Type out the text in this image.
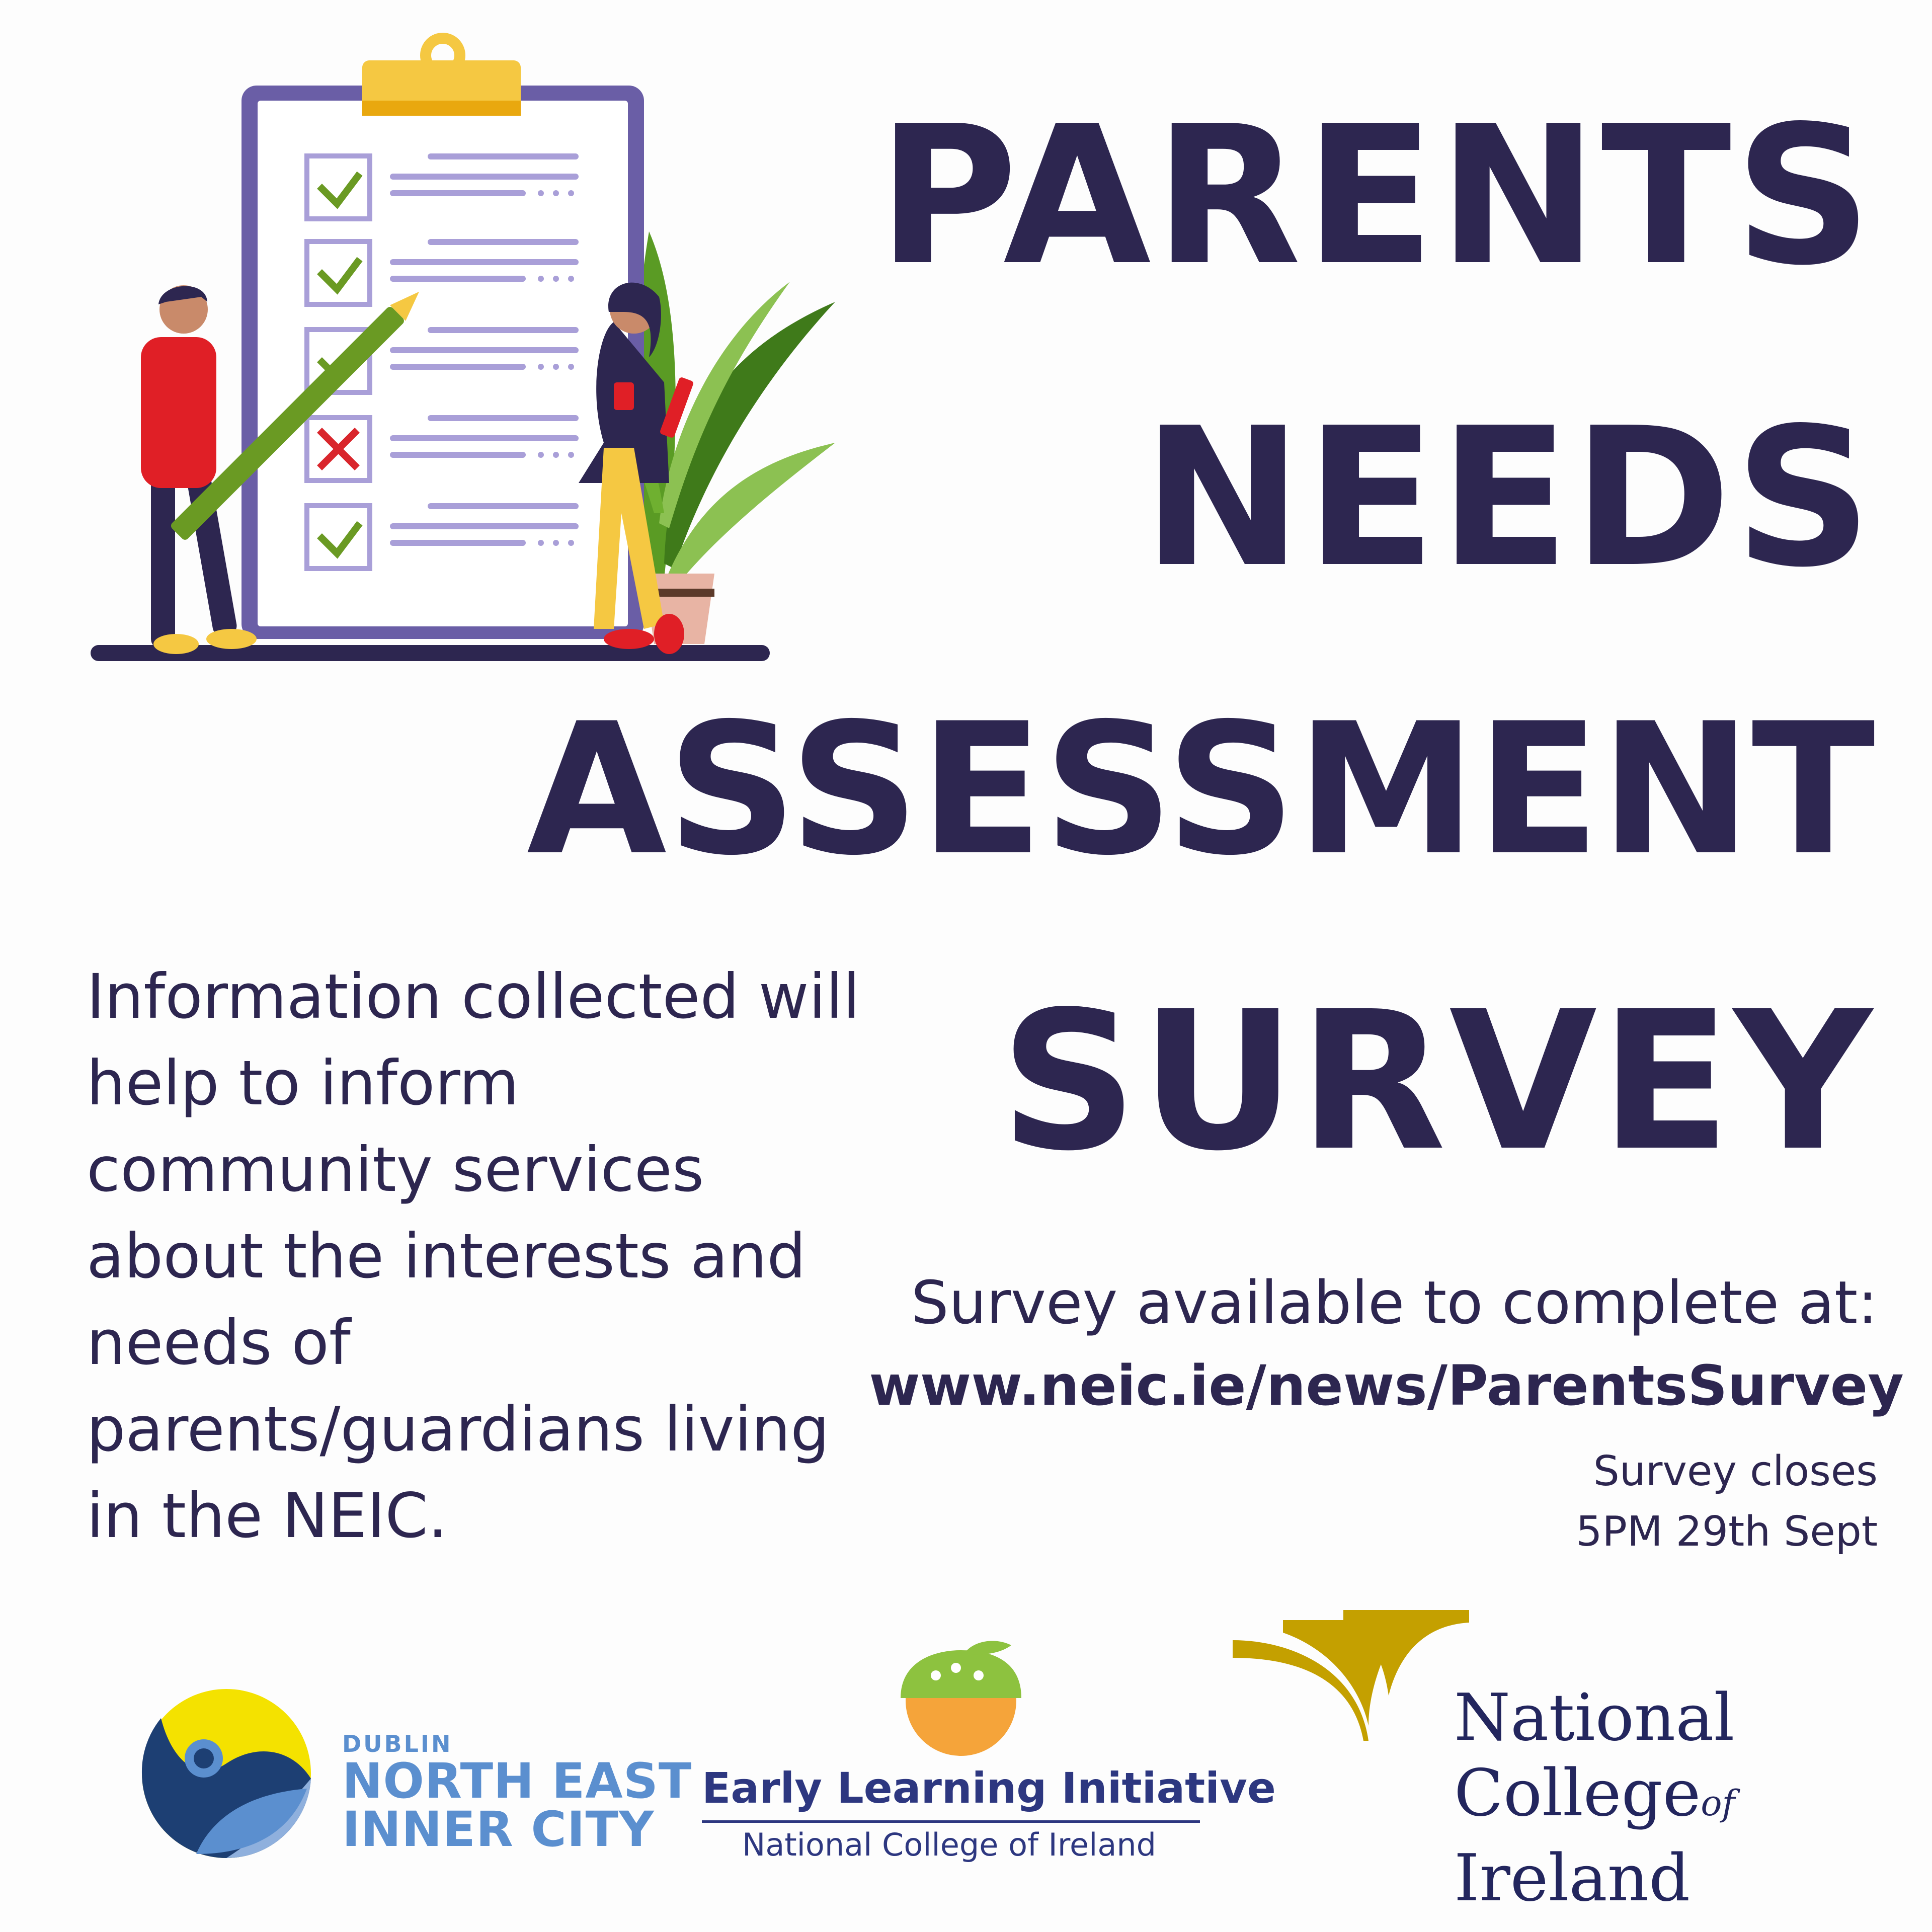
PARENTS
NEEDS
ASSESSMENT
SURVEY
Information collected will help to inform community services about the interests and needs of parents/guardians living in the NEIC.
Survey available to complete at:
www.neic.ie/news/ParentsSurvey
Survey closes
5PM 29th Sept
DUBLIN
NORTH EAST
INNER CITY
Early Learning Initiative
National College of Ireland
National
Collegeof
Ireland
